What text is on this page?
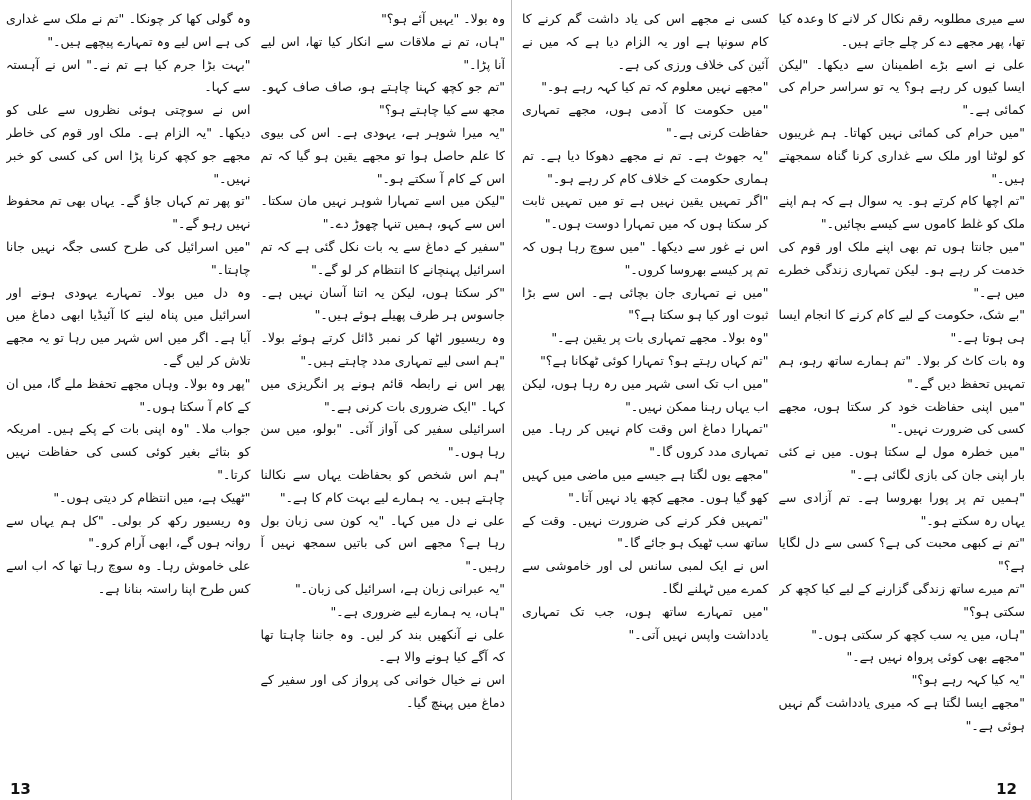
وہ بولا۔ "یہیں آئے ہو؟"

"ہاں، تم نے ملاقات سے انکار کیا تھا، اس لیے آنا پڑا۔"

"تم جو کچھ کہنا چاہتے ہو، صاف صاف کہو۔ مجھ سے کیا چاہتے ہو؟"

"یہ میرا شوہر ہے، یہودی ہے۔ اس کی بیوی کا علم حاصل ہوا تو مجھے یقین ہو گیا کہ تم اس کے کام آ سکتے ہو۔"

"لیکن میں اسے تمہارا شوہر نہیں مان سکتا۔ اس سے کہو، ہمیں تنہا چھوڑ دے۔"

"سفیر کے دماغ سے یہ بات نکل گئی ہے کہ تم اسرائیل پہنچانے کا انتظام کر لو گے۔"

"کر سکتا ہوں، لیکن یہ اتنا آسان نہیں ہے۔ جاسوس ہر طرف پھیلے ہوئے ہیں۔"

وہ ریسیور اٹھا کر نمبر ڈائل کرتے ہوئے بولا۔ "ہم اسی لیے تمہاری مدد چاہتے ہیں۔"

پھر اس نے رابطہ قائم ہونے پر انگریزی میں کہا۔ "ایک ضروری بات کرنی ہے۔"

اسرائیلی سفیر کی آواز آئی۔ "بولو، میں سن رہا ہوں۔"

"ہم اس شخص کو بحفاظت یہاں سے نکالنا چاہتے ہیں۔ یہ ہمارے لیے بہت کام کا ہے۔"

علی نے دل میں کہا۔ "یہ کون سی زبان بول رہا ہے؟ مجھے اس کی باتیں سمجھ نہیں آ رہیں۔"

"یہ عبرانی زبان ہے، اسرائیل کی زبان۔"

"ہاں، یہ ہمارے لیے ضروری ہے۔"

علی نے آنکھیں بند کر لیں۔ وہ جاننا چاہتا تھا کہ آگے کیا ہونے والا ہے۔

اس نے خیال خوانی کی پرواز کی اور سفیر کے دماغ میں پہنچ گیا۔

وہ گولی کھا کر چونکا۔ "تم نے ملک سے غداری کی ہے اس لیے وہ تمہارے پیچھے ہیں۔"

"بہت بڑا جرم کیا ہے تم نے۔" اس نے آہستہ سے کہا۔

اس نے سوچتی ہوئی نظروں سے علی کو دیکھا۔ "یہ الزام ہے۔ ملک اور قوم کی خاطر مجھے جو کچھ کرنا پڑا اس کی کسی کو خبر نہیں۔"

"تو پھر تم کہاں جاؤ گے۔ یہاں بھی تم محفوظ نہیں رہو گے۔"

"میں اسرائیل کی طرح کسی جگہ نہیں جانا چاہتا۔"

وہ دل میں بولا۔ تمہارے یہودی ہونے اور اسرائیل میں پناہ لینے کا آئیڈیا ابھی دماغ میں آیا ہے۔ اگر میں اس شہر میں رہا تو یہ مجھے تلاش کر لیں گے۔

"پھر وہ بولا۔ وہاں مجھے تحفظ ملے گا، میں ان کے کام آ سکتا ہوں۔"

جواب ملا۔ "وہ اپنی بات کے پکے ہیں۔ امریکہ کو بتائے بغیر کوئی کسی کی حفاظت نہیں کرتا۔"

"ٹھیک ہے، میں انتظام کر دیتی ہوں۔"

وہ ریسیور رکھ کر بولی۔ "کل ہم یہاں سے روانہ ہوں گے، ابھی آرام کرو۔"

علی خاموش رہا۔ وہ سوچ رہا تھا کہ اب اسے کس طرح اپنا راستہ بنانا ہے۔

13

سے میری مطلوبہ رقم نکال کر لانے کا وعدہ کیا تھا، پھر مجھے دے کر چلے جاتے ہیں۔

علی نے اسے بڑے اطمینان سے دیکھا۔ "لیکن ایسا کیوں کر رہے ہو؟ یہ تو سراسر حرام کی کمائی ہے۔"

"میں حرام کی کمائی نہیں کھاتا۔ ہم غریبوں کو لوٹنا اور ملک سے غداری کرنا گناہ سمجھتے ہیں۔"

"تم اچھا کام کرتے ہو۔ یہ سوال ہے کہ ہم اپنے ملک کو غلط کاموں سے کیسے بچائیں۔"

"میں جانتا ہوں تم بھی اپنے ملک اور قوم کی خدمت کر رہے ہو۔ لیکن تمہاری زندگی خطرے میں ہے۔"

"بے شک، حکومت کے لیے کام کرنے کا انجام ایسا ہی ہوتا ہے۔"

وہ بات کاٹ کر بولا۔ "تم ہمارے ساتھ رہو، ہم تمہیں تحفظ دیں گے۔"

"میں اپنی حفاظت خود کر سکتا ہوں، مجھے کسی کی ضرورت نہیں۔"

"میں خطرہ مول لے سکتا ہوں۔ میں نے کئی بار اپنی جان کی بازی لگائی ہے۔"

"ہمیں تم پر پورا بھروسا ہے۔ تم آزادی سے یہاں رہ سکتے ہو۔"

"تم نے کبھی محبت کی ہے؟ کسی سے دل لگایا ہے؟"

"تم میرے ساتھ زندگی گزارنے کے لیے کیا کچھ کر سکتی ہو؟"

"ہاں، میں یہ سب کچھ کر سکتی ہوں۔"

"مجھے بھی کوئی پرواہ نہیں ہے۔"

"یہ کیا کہہ رہے ہو؟"

"مجھے ایسا لگتا ہے کہ میری یادداشت گم نہیں ہوئی ہے۔"

کسی نے مجھے اس کی یاد داشت گم کرنے کا کام سونپا ہے اور یہ الزام دیا ہے کہ میں نے آئین کی خلاف ورزی کی ہے۔

"مجھے نہیں معلوم کہ تم کیا کہہ رہے ہو۔"

"میں حکومت کا آدمی ہوں، مجھے تمہاری حفاظت کرنی ہے۔"

"یہ جھوٹ ہے۔ تم نے مجھے دھوکا دیا ہے۔ تم ہماری حکومت کے خلاف کام کر رہے ہو۔"

"اگر تمہیں یقین نہیں ہے تو میں تمہیں ثابت کر سکتا ہوں کہ میں تمہارا دوست ہوں۔"

اس نے غور سے دیکھا۔ "میں سوچ رہا ہوں کہ تم پر کیسے بھروسا کروں۔"

"میں نے تمہاری جان بچائی ہے۔ اس سے بڑا ثبوت اور کیا ہو سکتا ہے؟"

"وہ بولا۔ مجھے تمہاری بات پر یقین ہے۔"

"تم کہاں رہتے ہو؟ تمہارا کوئی ٹھکانا ہے؟"

"میں اب تک اسی شہر میں رہ رہا ہوں، لیکن اب یہاں رہنا ممکن نہیں۔"

"تمہارا دماغ اس وقت کام نہیں کر رہا۔ میں تمہاری مدد کروں گا۔"

"مجھے یوں لگتا ہے جیسے میں ماضی میں کہیں کھو گیا ہوں۔ مجھے کچھ یاد نہیں آتا۔"

"تمہیں فکر کرنے کی ضرورت نہیں۔ وقت کے ساتھ سب ٹھیک ہو جائے گا۔"

اس نے ایک لمبی سانس لی اور خاموشی سے کمرے میں ٹہلنے لگا۔

"میں تمہارے ساتھ ہوں، جب تک تمہاری یادداشت واپس نہیں آتی۔"

12
